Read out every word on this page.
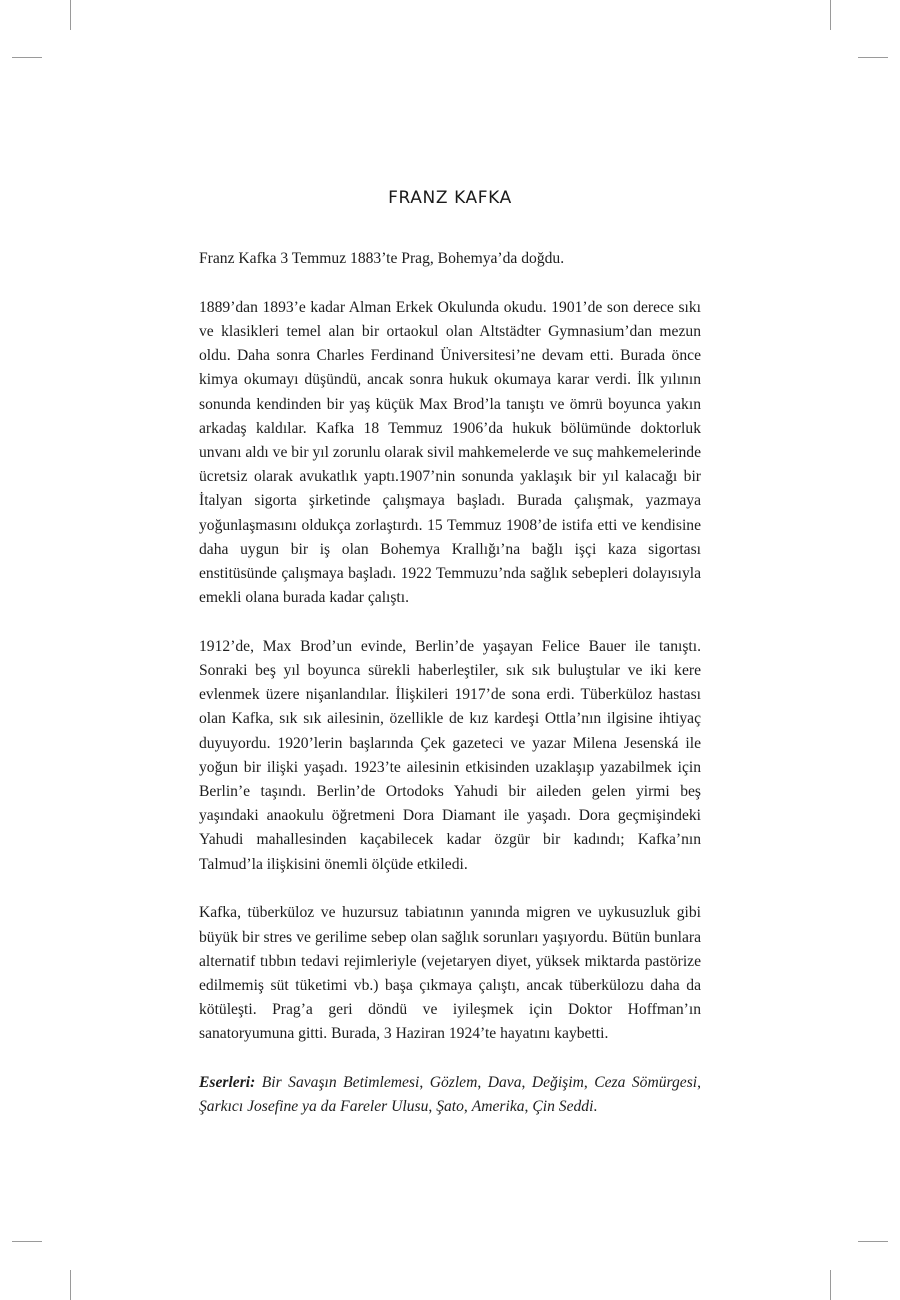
FRANZ KAFKA

Franz Kafka 3 Temmuz 1883’te Prag, Bohemya’da doğdu.

1889’dan 1893’e kadar Alman Erkek Okulunda okudu. 1901’de son derece sıkı ve klasikleri temel alan bir ortaokul olan Altstädter Gymnasium’dan mezun oldu. Daha sonra Charles Ferdinand Üniversitesi’ne devam etti. Burada önce kimya okumayı düşündü, ancak sonra hukuk okumaya karar verdi. İlk yılının sonunda kendinden bir yaş küçük Max Brod’la tanıştı ve ömrü boyunca yakın arkadaş kaldılar. Kafka 18 Temmuz 1906’da hukuk bölümünde doktorluk unvanı aldı ve bir yıl zorunlu olarak sivil mahkemelerde ve suç mahkemelerinde ücretsiz olarak avukatlık yaptı.1907’nin sonunda yaklaşık bir yıl kalacağı bir İtalyan sigorta şirketinde çalışmaya başladı. Burada çalışmak, yazmaya yoğunlaşmasını oldukça zorlaştırdı. 15 Temmuz 1908’de istifa etti ve kendisine daha uygun bir iş olan Bohemya Krallığı’na bağlı işçi kaza sigortası enstitüsünde çalışmaya başladı. 1922 Temmuzu’nda sağlık sebepleri dolayısıyla emekli olana burada kadar çalıştı.

1912’de, Max Brod’un evinde, Berlin’de yaşayan Felice Bauer ile tanıştı. Sonraki beş yıl boyunca sürekli haberleştiler, sık sık buluştular ve iki kere evlenmek üzere nişanlandılar. İlişkileri 1917’de sona erdi. Tüberküloz hastası olan Kafka, sık sık ailesinin, özellikle de kız kardeşi Ottla’nın ilgisine ihtiyaç duyuyordu. 1920’lerin başlarında Çek gazeteci ve yazar Milena Jesenská ile yoğun bir ilişki yaşadı. 1923’te ailesinin etkisinden uzaklaşıp yazabilmek için Berlin’e taşındı. Berlin’de Ortodoks Yahudi bir aileden gelen yirmi beş yaşındaki anaokulu öğretmeni Dora Diamant ile yaşadı. Dora geçmişindeki Yahudi mahallesinden kaçabilecek kadar özgür bir kadındı; Kafka’nın Talmud’la ilişkisini önemli ölçüde etkiledi.

Kafka, tüberküloz ve huzursuz tabiatının yanında migren ve uykusuzluk gibi büyük bir stres ve gerilime sebep olan sağlık sorunları yaşıyordu. Bütün bunlara alternatif tıbbın tedavi rejimleriyle (vejetaryen diyet, yüksek miktarda pastörize edilmemiş süt tüketimi vb.) başa çıkmaya çalıştı, ancak tüberkülozu daha da kötüleşti. Prag’a geri döndü ve iyileşmek için Doktor Hoffman’ın sanatoryumuna gitti. Burada, 3 Haziran 1924’te hayatını kaybetti.

Eserleri: Bir Savaşın Betimlemesi, Gözlem, Dava, Değişim, Ceza Sömürgesi, Şarkıcı Josefine ya da Fareler Ulusu, Şato, Amerika, Çin Seddi.
